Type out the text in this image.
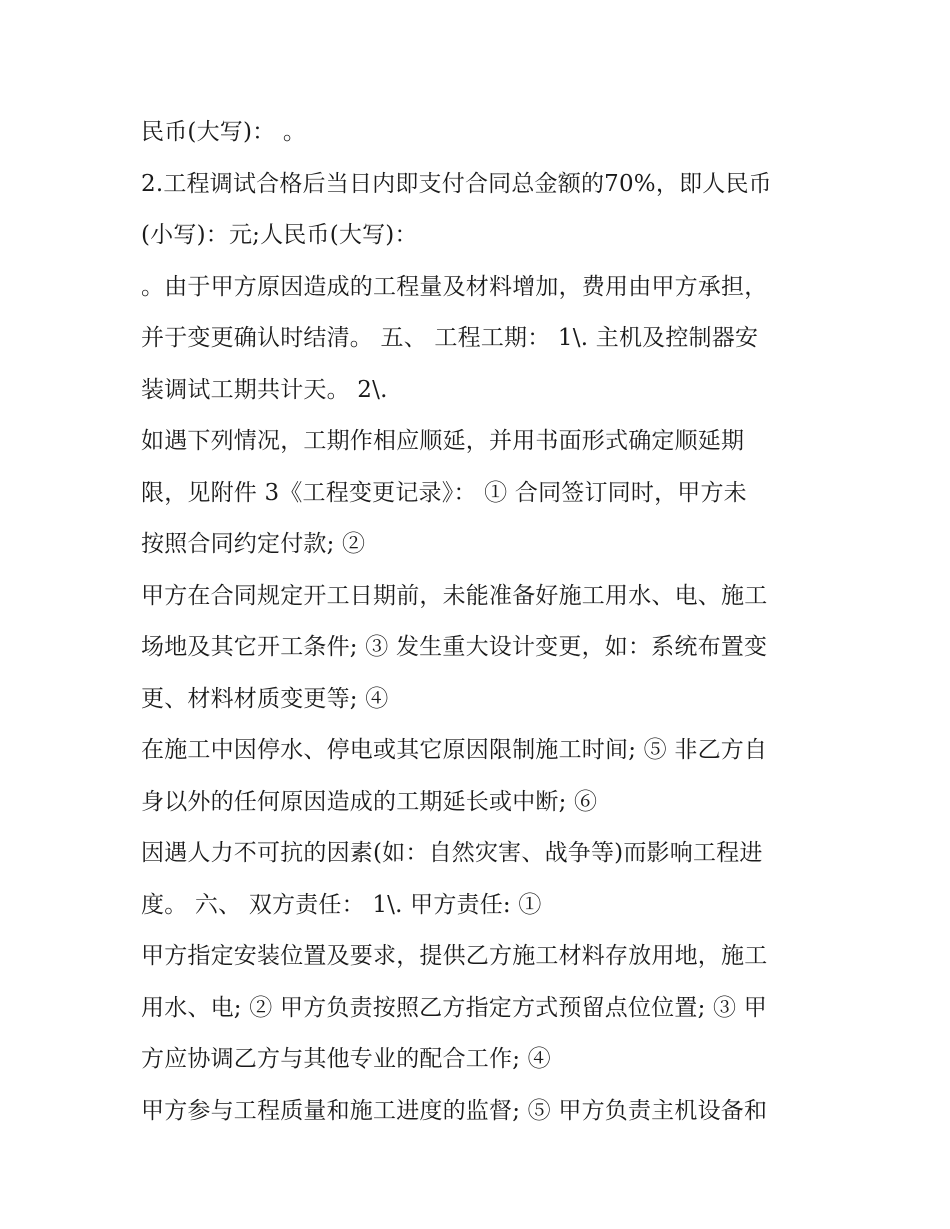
民币(大写)： 。
2.工程调试合格后当日内即支付合同总金额的70%，即人民币
(小写)：元;人民币(大写)：
。由于甲方原因造成的工程量及材料增加，费用由甲方承担，
并于变更确认时结清。 五、 工程工期： 1\. 主机及控制器安
装调试工期共计天。 2\.
如遇下列情况，工期作相应顺延，并用书面形式确定顺延期
限，见附件 3《工程变更记录》： ① 合同签订同时，甲方未
按照合同约定付款; ②
甲方在合同规定开工日期前，未能准备好施工用水、电、施工
场地及其它开工条件; ③ 发生重大设计变更，如：系统布置变
更、材料材质变更等; ④
在施工中因停水、停电或其它原因限制施工时间; ⑤ 非乙方自
身以外的任何原因造成的工期延长或中断; ⑥
因遇人力不可抗的因素(如：自然灾害、战争等)而影响工程进
度。 六、 双方责任： 1\. 甲方责任: ①
甲方指定安装位置及要求，提供乙方施工材料存放用地，施工
用水、电; ② 甲方负责按照乙方指定方式预留点位位置; ③ 甲
方应协调乙方与其他专业的配合工作; ④
甲方参与工程质量和施工进度的监督; ⑤ 甲方负责主机设备和
